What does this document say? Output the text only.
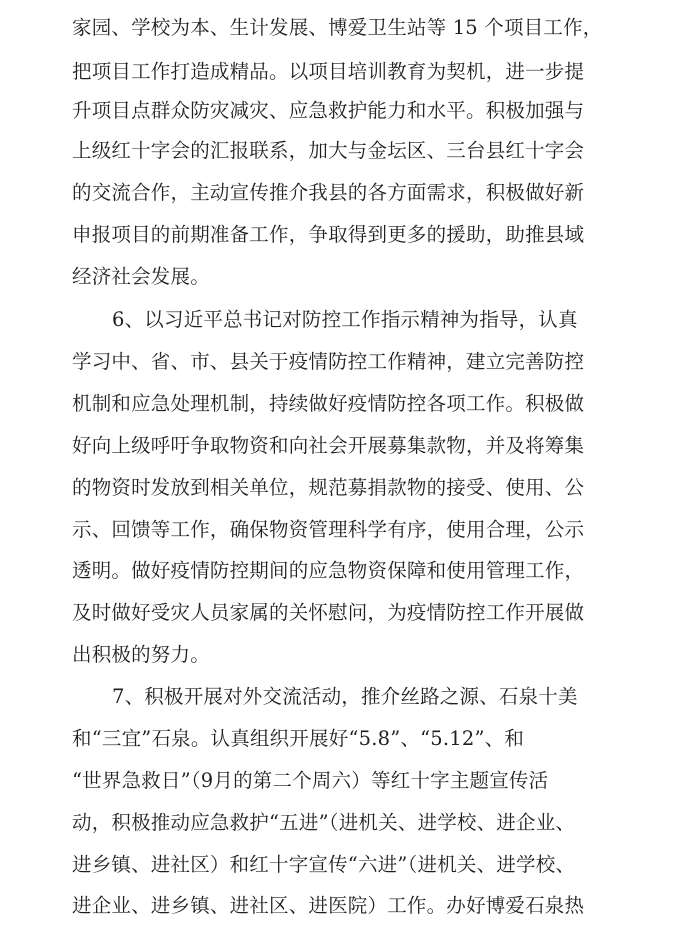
家园、学校为本、生计发展、博爱卫生站等 15 个项目工作，
把项目工作打造成精品。以项目培训教育为契机，进一步提
升项目点群众防灾减灾、应急救护能力和水平。积极加强与
上级红十字会的汇报联系，加大与金坛区、三台县红十字会
的交流合作，主动宣传推介我县的各方面需求，积极做好新
申报项目的前期准备工作，争取得到更多的援助，助推县域
经济社会发展。
6、以习近平总书记对防控工作指示精神为指导，认真
学习中、省、市、县关于疫情防控工作精神，建立完善防控
机制和应急处理机制，持续做好疫情防控各项工作。积极做
好向上级呼吁争取物资和向社会开展募集款物，并及将筹集
的物资时发放到相关单位，规范募捐款物的接受、使用、公
示、回馈等工作，确保物资管理科学有序，使用合理，公示
透明。做好疫情防控期间的应急物资保障和使用管理工作，
及时做好受灾人员家属的关怀慰问，为疫情防控工作开展做
出积极的努力。
7、积极开展对外交流活动，推介丝路之源、石泉十美
和“三宜”石泉。认真组织开展好“5.8”、“5.12”、和
“世界急救日”（9月的第二个周六）等红十字主题宣传活
动，积极推动应急救护“五进”（进机关、进学校、进企业、
进乡镇、进社区）和红十字宣传“六进”（进机关、进学校、
进企业、进乡镇、进社区、进医院）工作。办好博爱石泉热
